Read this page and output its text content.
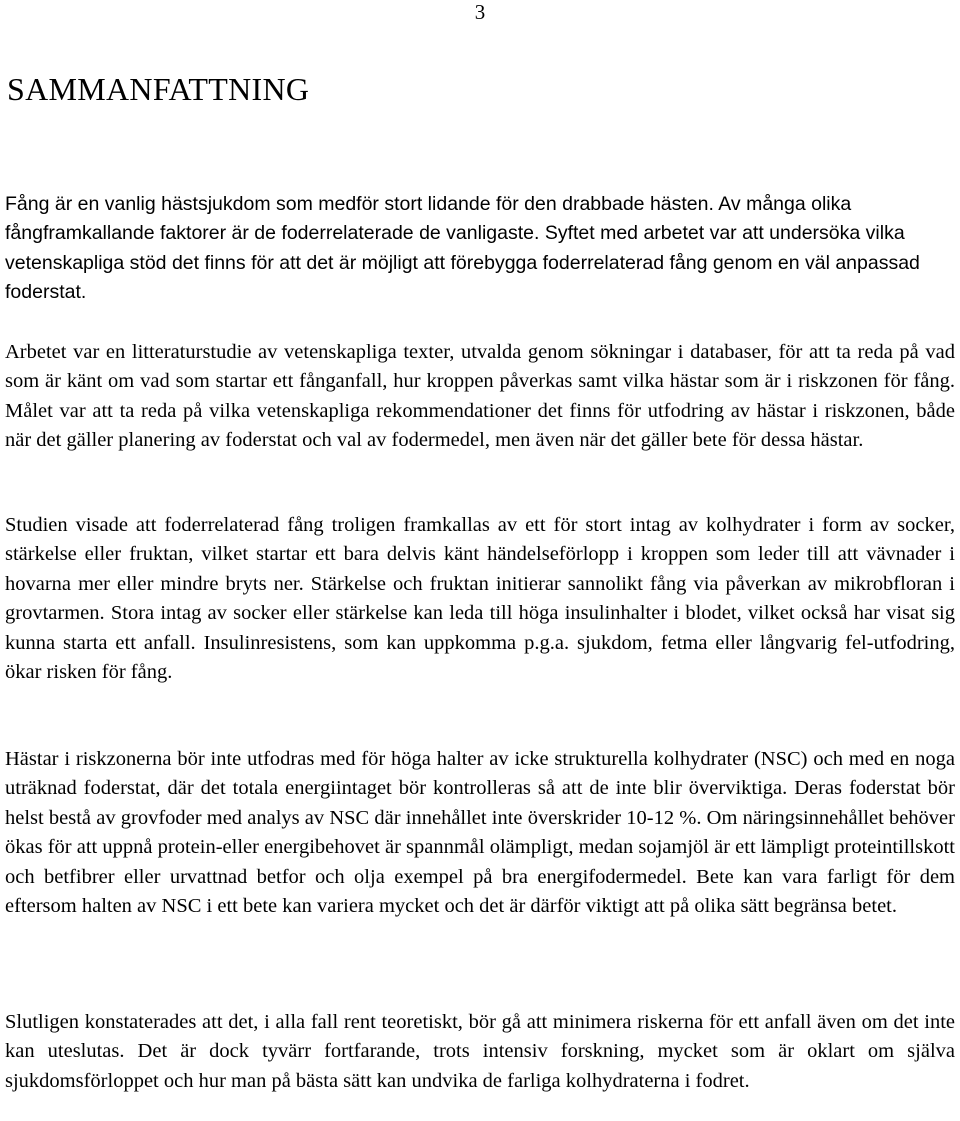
3
SAMMANFATTNING

Fång är en vanlig hästsjukdom som medför stort lidande för den drabbade hästen. Av många olika fångframkallande faktorer är de foderrelaterade de vanligaste. Syftet med arbetet var att undersöka vilka vetenskapliga stöd det finns för att det är möjligt att förebygga foderrelaterad fång genom en väl anpassad foderstat.

Arbetet var en litteraturstudie av vetenskapliga texter, utvalda genom sökningar i databaser, för att ta reda på vad som är känt om vad som startar ett fånganfall, hur kroppen påverkas samt vilka hästar som är i riskzonen för fång. Målet var att ta reda på vilka vetenskapliga rekommendationer det finns för utfodring av hästar i riskzonen, både när det gäller planering av foderstat och val av fodermedel, men även när det gäller bete för dessa hästar.

Studien visade att foderrelaterad fång troligen framkallas av ett för stort intag av kolhydrater i form av socker, stärkelse eller fruktan, vilket startar ett bara delvis känt händelseförlopp i kroppen som leder till att vävnader i hovarna mer eller mindre bryts ner. Stärkelse och fruktan initierar sannolikt fång via påverkan av mikrobfloran i grovtarmen. Stora intag av socker eller stärkelse kan leda till höga insulinhalter i blodet, vilket också har visat sig kunna starta ett anfall. Insulinresistens, som kan uppkomma p.g.a. sjukdom, fetma eller långvarig fel-utfodring, ökar risken för fång.

Hästar i riskzonerna bör inte utfodras med för höga halter av icke strukturella kolhydrater (NSC) och med en noga uträknad foderstat, där det totala energiintaget bör kontrolleras så att de inte blir överviktiga. Deras foderstat bör helst bestå av grovfoder med analys av NSC där innehållet inte överskrider 10-12 %. Om näringsinnehållet behöver ökas för att uppnå protein-eller energibehovet är spannmål olämpligt, medan sojamjöl är ett lämpligt proteintillskott och betfibrer eller urvattnad betfor och olja exempel på bra energifodermedel. Bete kan vara farligt för dem eftersom halten av NSC i ett bete kan variera mycket och det är därför viktigt att på olika sätt begränsa betet.

Slutligen konstaterades att det, i alla fall rent teoretiskt, bör gå att minimera riskerna för ett anfall även om det inte kan uteslutas. Det är dock tyvärr fortfarande, trots intensiv forskning, mycket som är oklart om själva sjukdomsförloppet och hur man på bästa sätt kan undvika de farliga kolhydraterna i fodret.
